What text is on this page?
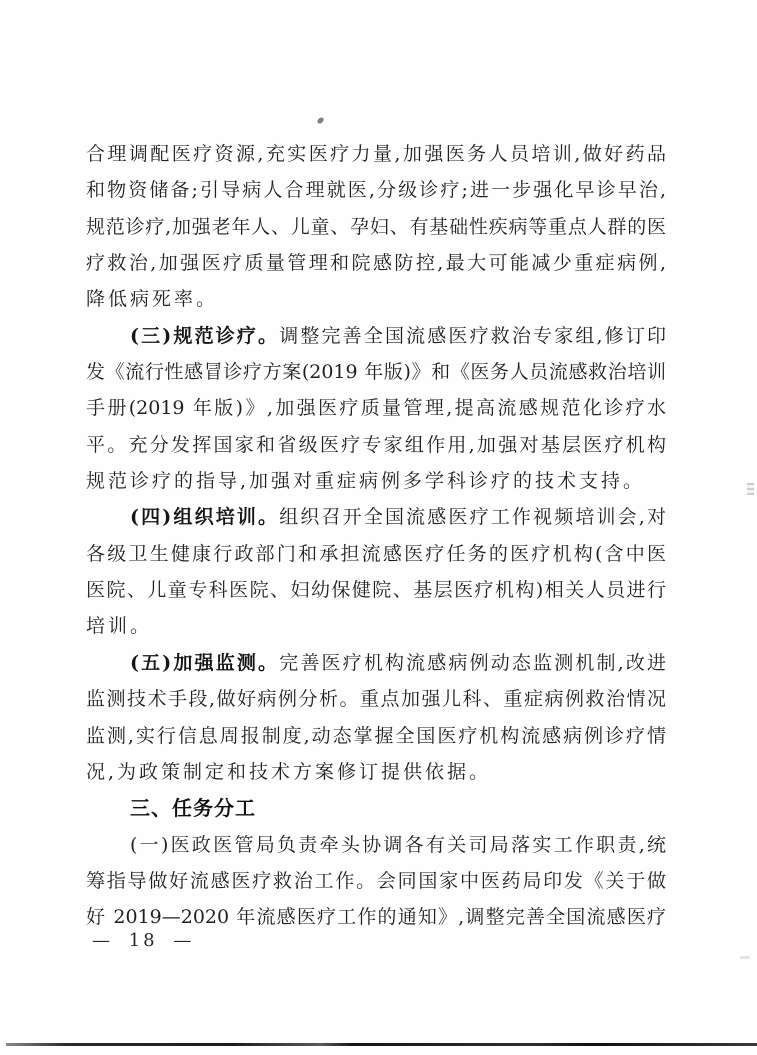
合理调配医疗资源,充实医疗力量,加强医务人员培训,做好药品
和物资储备;引导病人合理就医,分级诊疗;进一步强化早诊早治,
规范诊疗,加强老年人、儿童、孕妇、有基础性疾病等重点人群的医
疗救治,加强医疗质量管理和院感防控,最大可能减少重症病例,
降低病死率。
(三)规范诊疗。调整完善全国流感医疗救治专家组,修订印
发《流行性感冒诊疗方案(2019 年版)》和《医务人员流感救治培训
手册(2019 年版)》,加强医疗质量管理,提高流感规范化诊疗水
平。充分发挥国家和省级医疗专家组作用,加强对基层医疗机构
规范诊疗的指导,加强对重症病例多学科诊疗的技术支持。
(四)组织培训。组织召开全国流感医疗工作视频培训会,对
各级卫生健康行政部门和承担流感医疗任务的医疗机构(含中医
医院、儿童专科医院、妇幼保健院、基层医疗机构)相关人员进行
培训。
(五)加强监测。完善医疗机构流感病例动态监测机制,改进
监测技术手段,做好病例分析。重点加强儿科、重症病例救治情况
监测,实行信息周报制度,动态掌握全国医疗机构流感病例诊疗情
况,为政策制定和技术方案修订提供依据。
三、任务分工
(一)医政医管局负责牵头协调各有关司局落实工作职责,统
筹指导做好流感医疗救治工作。会同国家中医药局印发《关于做
好 2019—2020 年流感医疗工作的通知》,调整完善全国流感医疗
— 18 —
